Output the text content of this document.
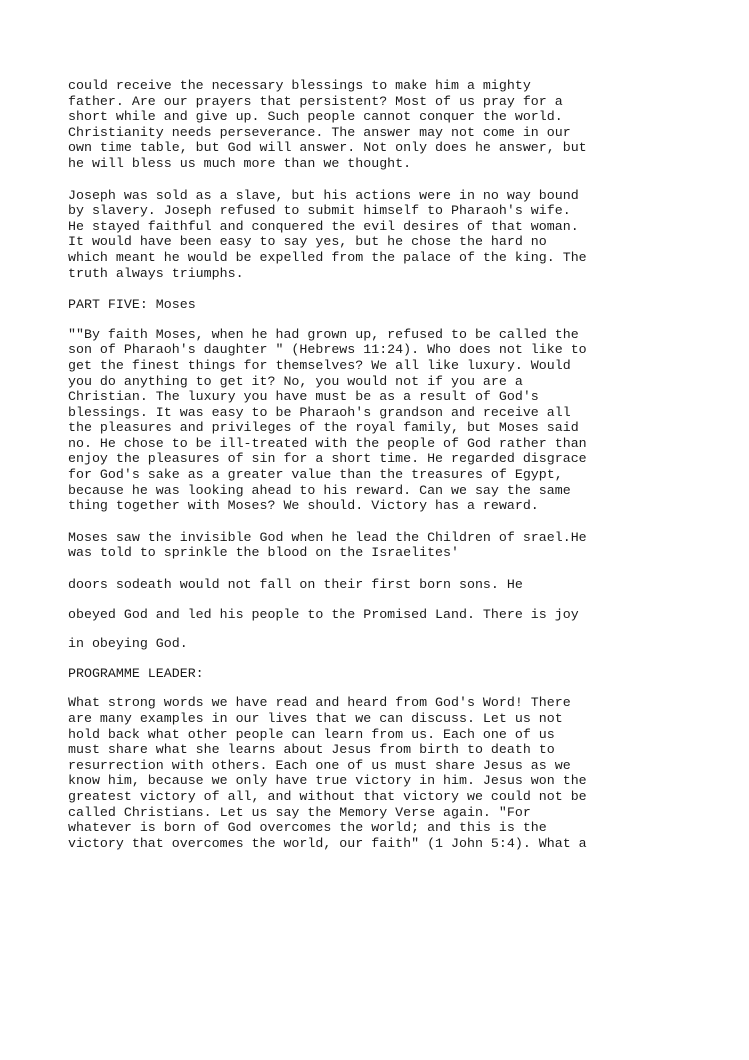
could receive the necessary blessings to make him a mighty
father. Are our prayers that persistent? Most of us pray for a
short while and give up. Such people cannot conquer the world.
Christianity needs perseverance. The answer may not come in our
own time table, but God will answer. Not only does he answer, but
he will bless us much more than we thought.

Joseph was sold as a slave, but his actions were in no way bound
by slavery. Joseph refused to submit himself to Pharaoh's wife.
He stayed faithful and conquered the evil desires of that woman.
It would have been easy to say yes, but he chose the hard no
which meant he would be expelled from the palace of the king. The
truth always triumphs.

PART FIVE: Moses

""By faith Moses, when he had grown up, refused to be called the
son of Pharaoh's daughter " (Hebrews 11:24). Who does not like to
get the finest things for themselves? We all like luxury. Would
you do anything to get it? No, you would not if you are a
Christian. The luxury you have must be as a result of God's
blessings. It was easy to be Pharaoh's grandson and receive all
the pleasures and privileges of the royal family, but Moses said
no. He chose to be ill-treated with the people of God rather than
enjoy the pleasures of sin for a short time. He regarded disgrace
for God's sake as a greater value than the treasures of Egypt,
because he was looking ahead to his reward. Can we say the same
thing together with Moses? We should. Victory has a reward.

Moses saw the invisible God when he lead the Children of srael.He
was told to sprinkle the blood on the Israelites'

doors sodeath would not fall on their first born sons. He

obeyed God and led his people to the Promised Land. There is joy

in obeying God.

PROGRAMME LEADER:

What strong words we have read and heard from God's Word! There
are many examples in our lives that we can discuss. Let us not
hold back what other people can learn from us. Each one of us
must share what she learns about Jesus from birth to death to
resurrection with others. Each one of us must share Jesus as we
know him, because we only have true victory in him. Jesus won the
greatest victory of all, and without that victory we could not be
called Christians. Let us say the Memory Verse again. "For
whatever is born of God overcomes the world; and this is the
victory that overcomes the world, our faith" (1 John 5:4). What a
